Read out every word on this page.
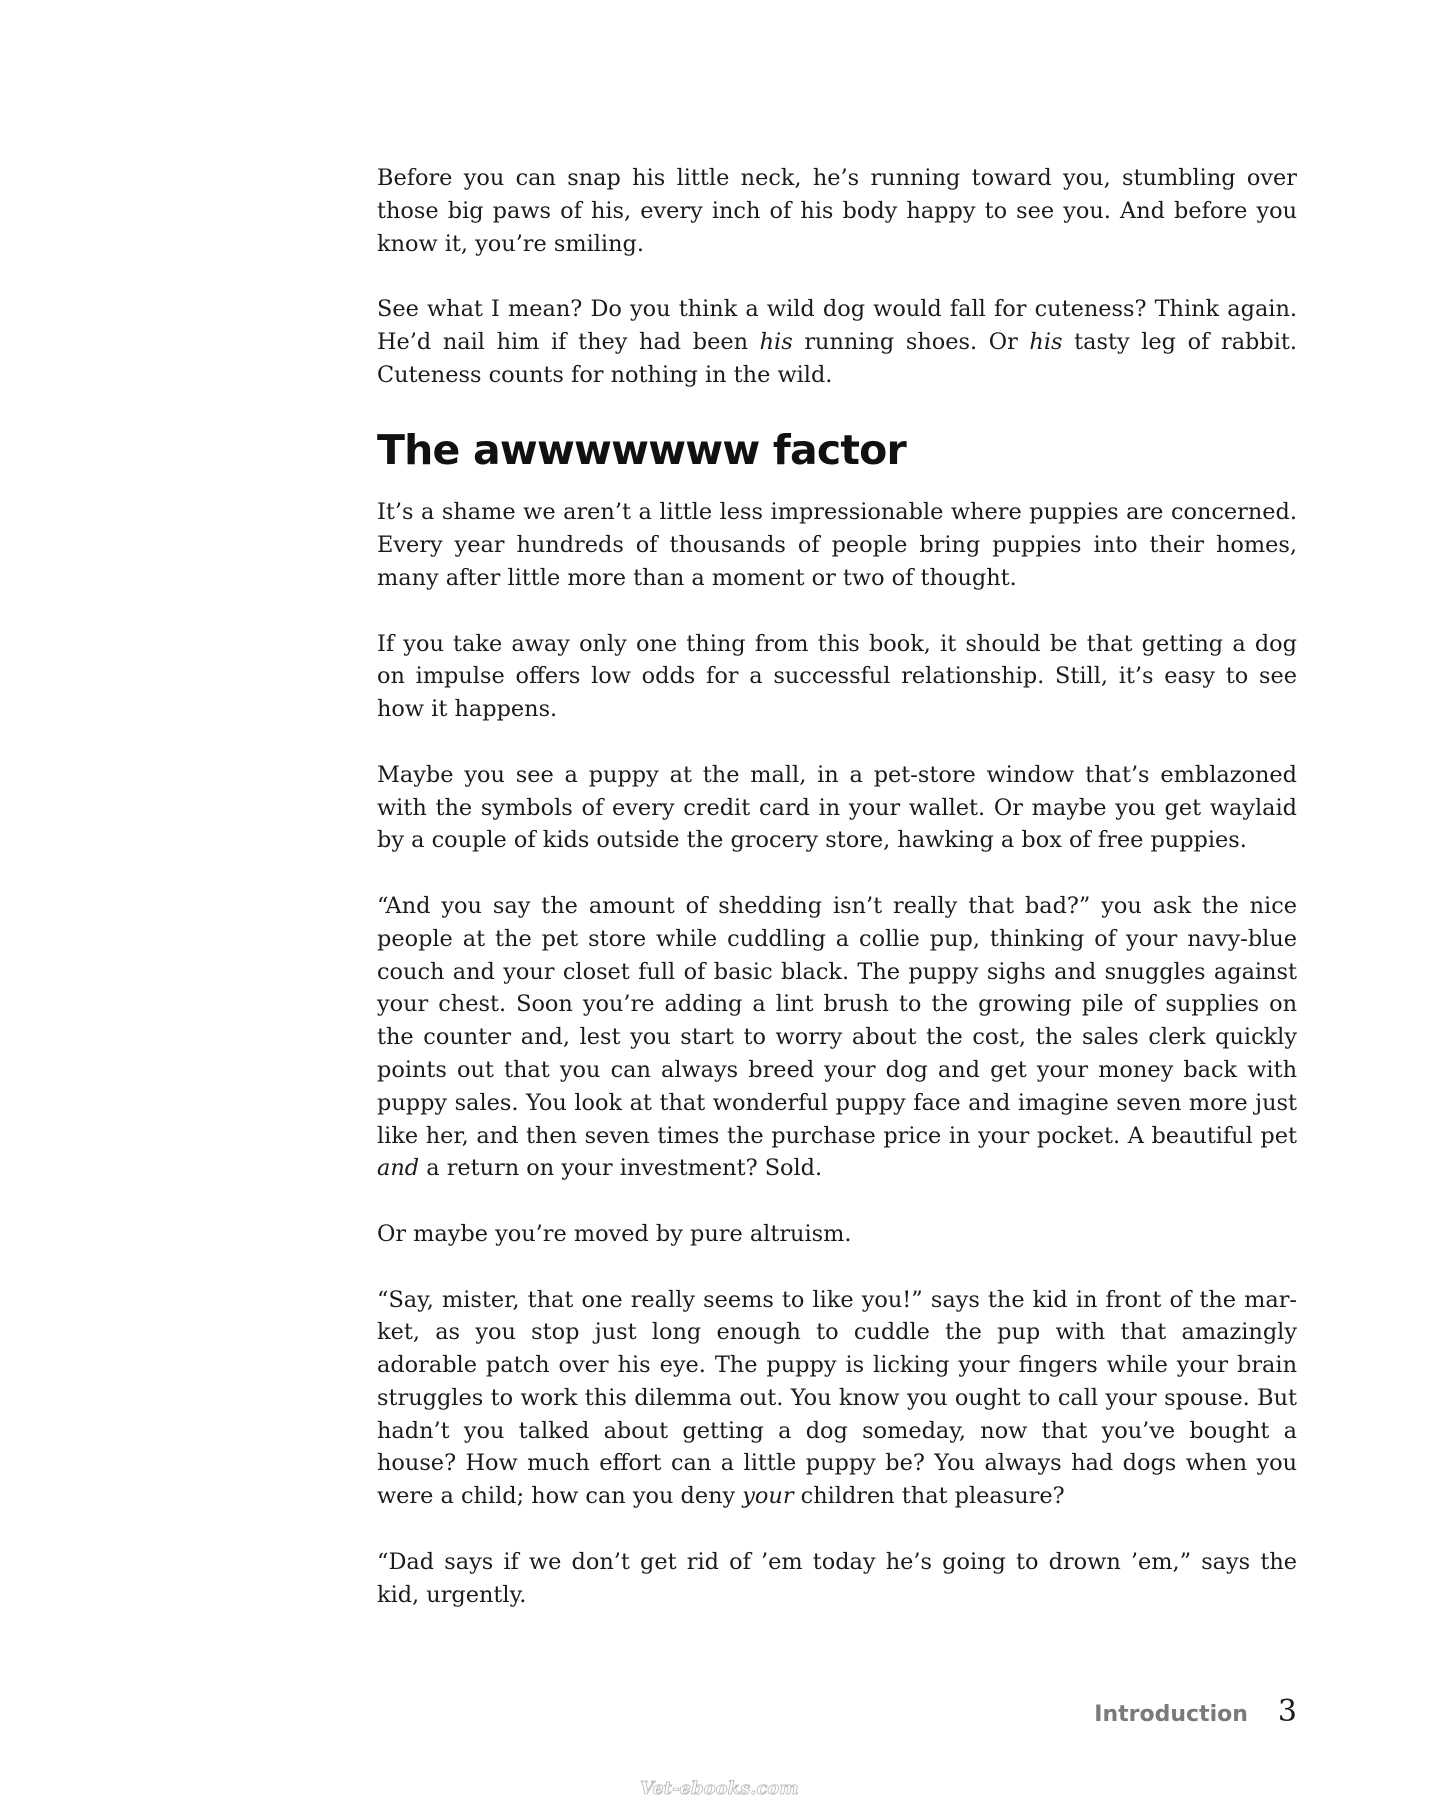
Before you can snap his little neck, he’s running toward you, stumbling over those big paws of his, every inch of his body happy to see you. And before you know it, you’re smiling.

See what I mean? Do you think a wild dog would fall for cuteness? Think again. He’d nail him if they had been his running shoes. Or his tasty leg of rabbit. Cuteness counts for nothing in the wild.

The awwwwwww factor

It’s a shame we aren’t a little less impressionable where puppies are concerned. Every year hundreds of thousands of people bring puppies into their homes, many after little more than a moment or two of thought.

If you take away only one thing from this book, it should be that getting a dog on impulse offers low odds for a successful relationship. Still, it’s easy to see how it happens.

Maybe you see a puppy at the mall, in a pet-store window that’s emblazoned with the symbols of every credit card in your wallet. Or maybe you get waylaid by a couple of kids outside the grocery store, hawking a box of free puppies.

“And you say the amount of shedding isn’t really that bad?” you ask the nice people at the pet store while cuddling a collie pup, thinking of your navy-blue couch and your closet full of basic black. The puppy sighs and snuggles against your chest. Soon you’re adding a lint brush to the growing pile of supplies on the counter and, lest you start to worry about the cost, the sales clerk quickly points out that you can always breed your dog and get your money back with puppy sales. You look at that wonderful puppy face and imagine seven more just like her, and then seven times the purchase price in your pocket. A beautiful pet and a return on your investment? Sold.

Or maybe you’re moved by pure altruism.

“Say, mister, that one really seems to like you!” says the kid in front of the market, as you stop just long enough to cuddle the pup with that amazingly adorable patch over his eye. The puppy is licking your fingers while your brain struggles to work this dilemma out. You know you ought to call your spouse. But hadn’t you talked about getting a dog someday, now that you’ve bought a house? How much effort can a little puppy be? You always had dogs when you were a child; how can you deny your children that pleasure?

“Dad says if we don’t get rid of ’em today he’s going to drown ’em,” says the kid, urgently.

Introduction 3
Vet-ebooks.com
